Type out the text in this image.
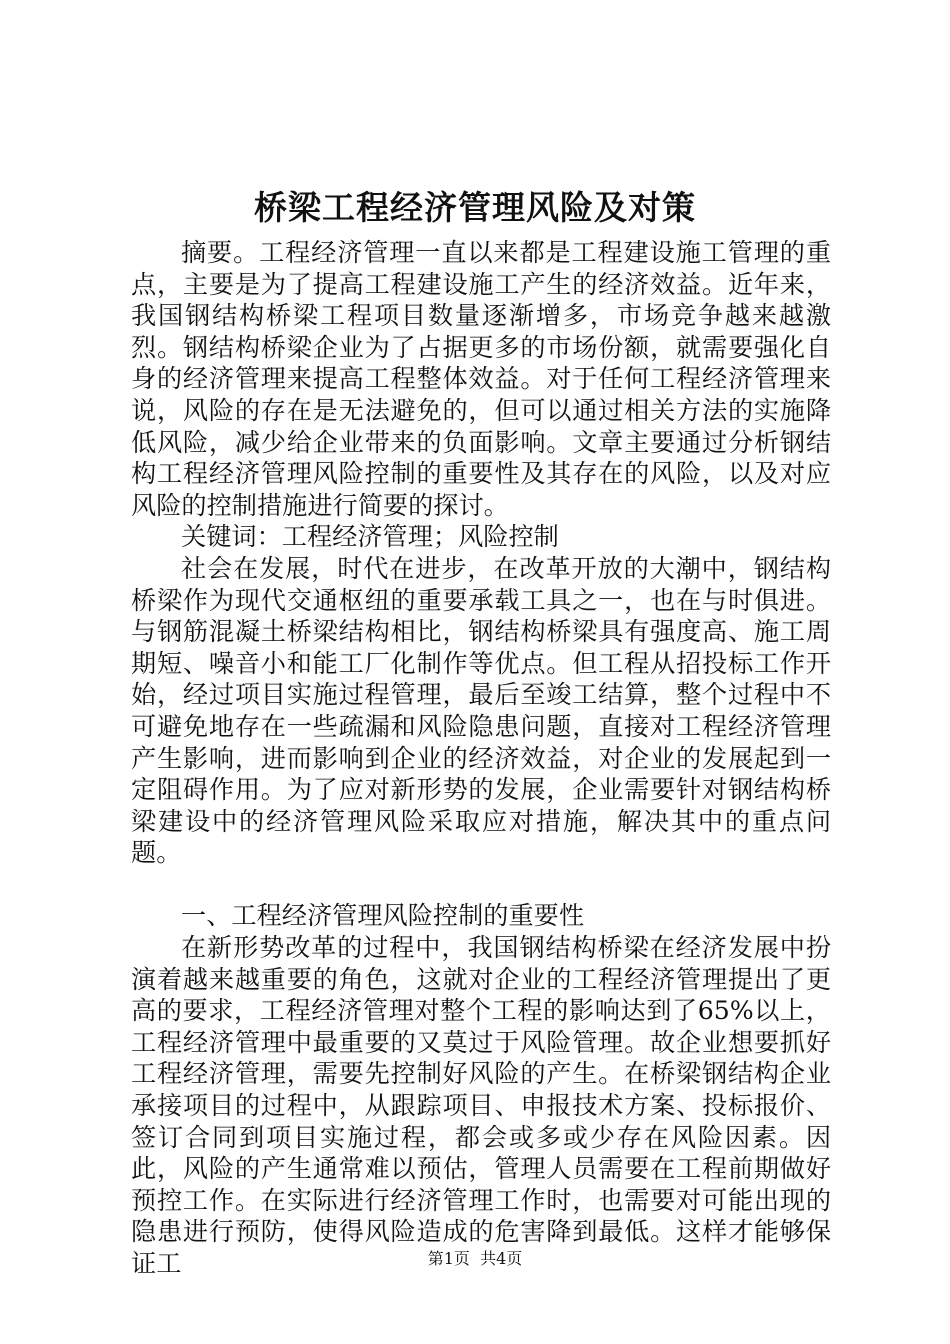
桥梁工程经济管理风险及对策

摘要。工程经济管理一直以来都是工程建设施工管理的重点，主要是为了提高工程建设施工产生的经济效益。近年来，我国钢结构桥梁工程项目数量逐渐增多，市场竞争越来越激烈。钢结构桥梁企业为了占据更多的市场份额，就需要强化自身的经济管理来提高工程整体效益。对于任何工程经济管理来说，风险的存在是无法避免的，但可以通过相关方法的实施降低风险，减少给企业带来的负面影响。文章主要通过分析钢结构工程经济管理风险控制的重要性及其存在的风险，以及对应风险的控制措施进行简要的探讨。

关键词：工程经济管理；风险控制

社会在发展，时代在进步，在改革开放的大潮中，钢结构桥梁作为现代交通枢纽的重要承载工具之一，也在与时俱进。与钢筋混凝土桥梁结构相比，钢结构桥梁具有强度高、施工周期短、噪音小和能工厂化制作等优点。但工程从招投标工作开始，经过项目实施过程管理，最后至竣工结算，整个过程中不可避免地存在一些疏漏和风险隐患问题，直接对工程经济管理产生影响，进而影响到企业的经济效益，对企业的发展起到一定阻碍作用。为了应对新形势的发展，企业需要针对钢结构桥梁建设中的经济管理风险采取应对措施，解决其中的重点问题。

一、工程经济管理风险控制的重要性

在新形势改革的过程中，我国钢结构桥梁在经济发展中扮演着越来越重要的角色，这就对企业的工程经济管理提出了更高的要求，工程经济管理对整个工程的影响达到了65%以上，工程经济管理中最重要的又莫过于风险管理。故企业想要抓好工程经济管理，需要先控制好风险的产生。在桥梁钢结构企业承接项目的过程中，从跟踪项目、申报技术方案、投标报价、签订合同到项目实施过程，都会或多或少存在风险因素。因此，风险的产生通常难以预估，管理人员需要在工程前期做好预控工作。在实际进行经济管理工作时，也需要对可能出现的隐患进行预防，使得风险造成的危害降到最低。这样才能够保证工	第1页 共4页
